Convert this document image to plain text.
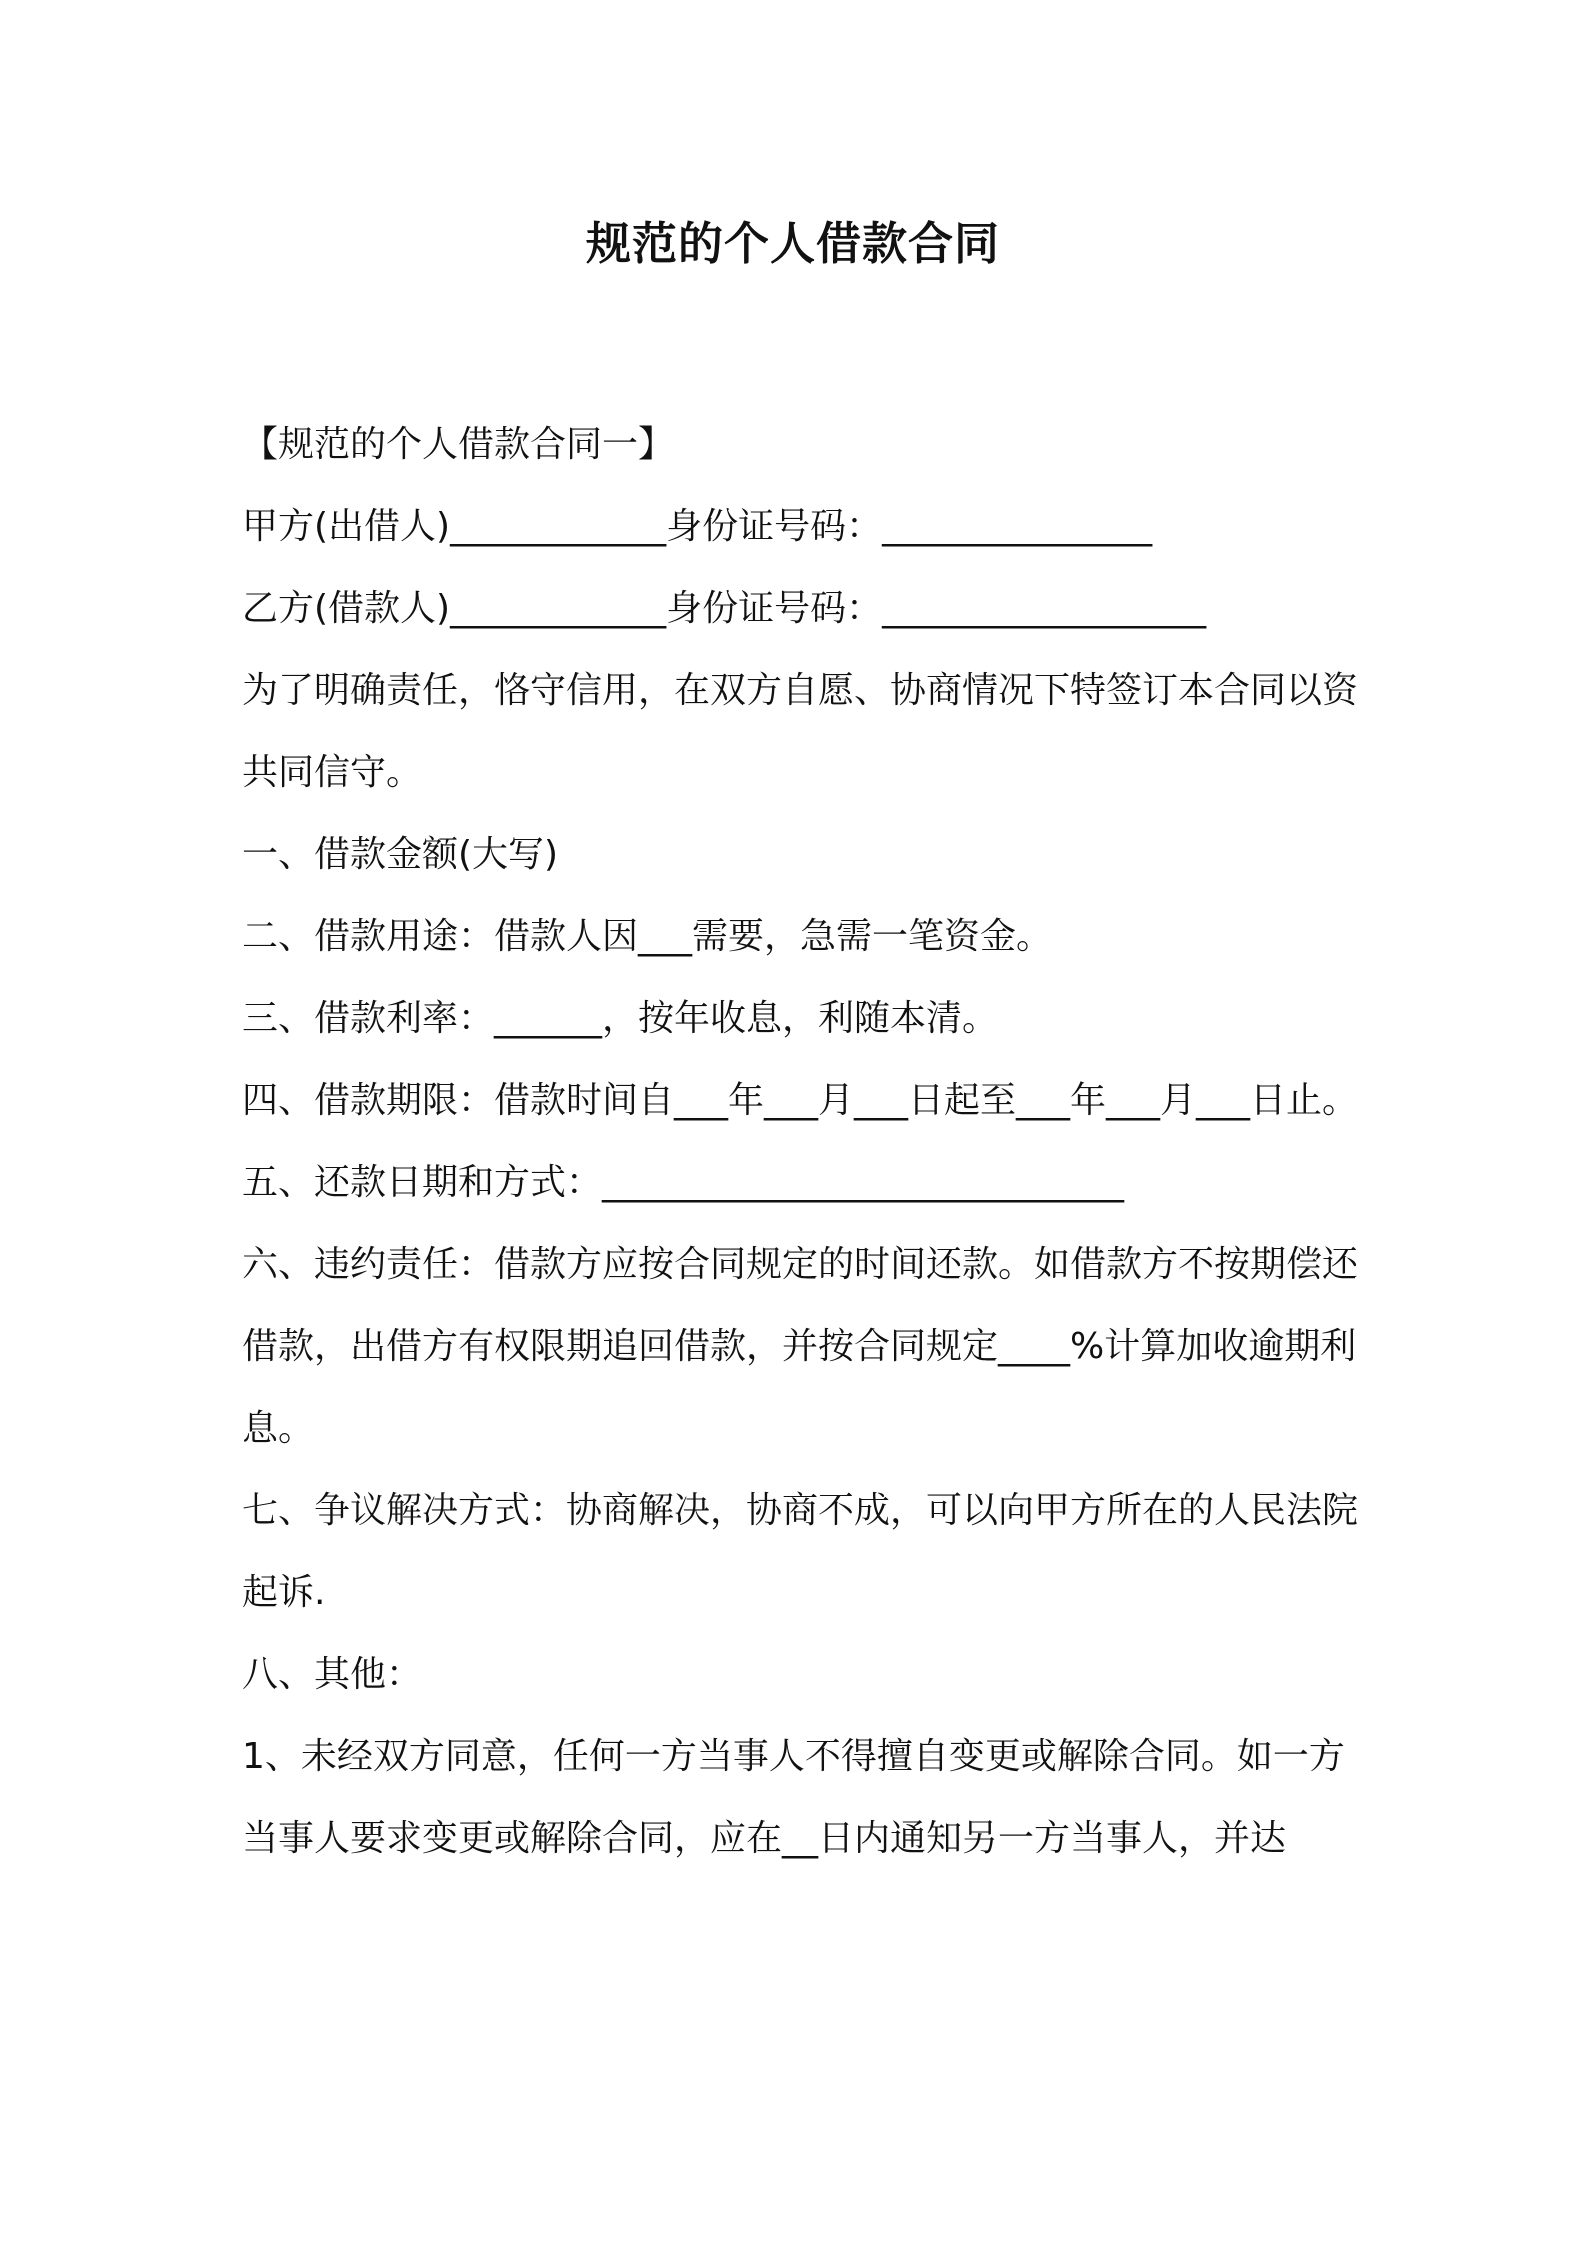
规范的个人借款合同

【规范的个人借款合同一】

甲方(出借人)____________身份证号码：_______________

乙方(借款人)____________身份证号码：__________________

为了明确责任，恪守信用，在双方自愿、协商情况下特签订本合同以资共同信守。

一、借款金额(大写)

二、借款用途：借款人因___需要，急需一笔资金。

三、借款利率：______，按年收息，利随本清。

四、借款期限：借款时间自___年___月___日起至___年___月___日止。

五、还款日期和方式：_____________________________

六、违约责任：借款方应按合同规定的时间还款。如借款方不按期偿还借款，出借方有权限期追回借款，并按合同规定____%计算加收逾期利息。

七、争议解决方式：协商解决，协商不成，可以向甲方所在的人民法院起诉.

八、其他：

1、未经双方同意，任何一方当事人不得擅自变更或解除合同。如一方当事人要求变更或解除合同，应在__日内通知另一方当事人，并达
